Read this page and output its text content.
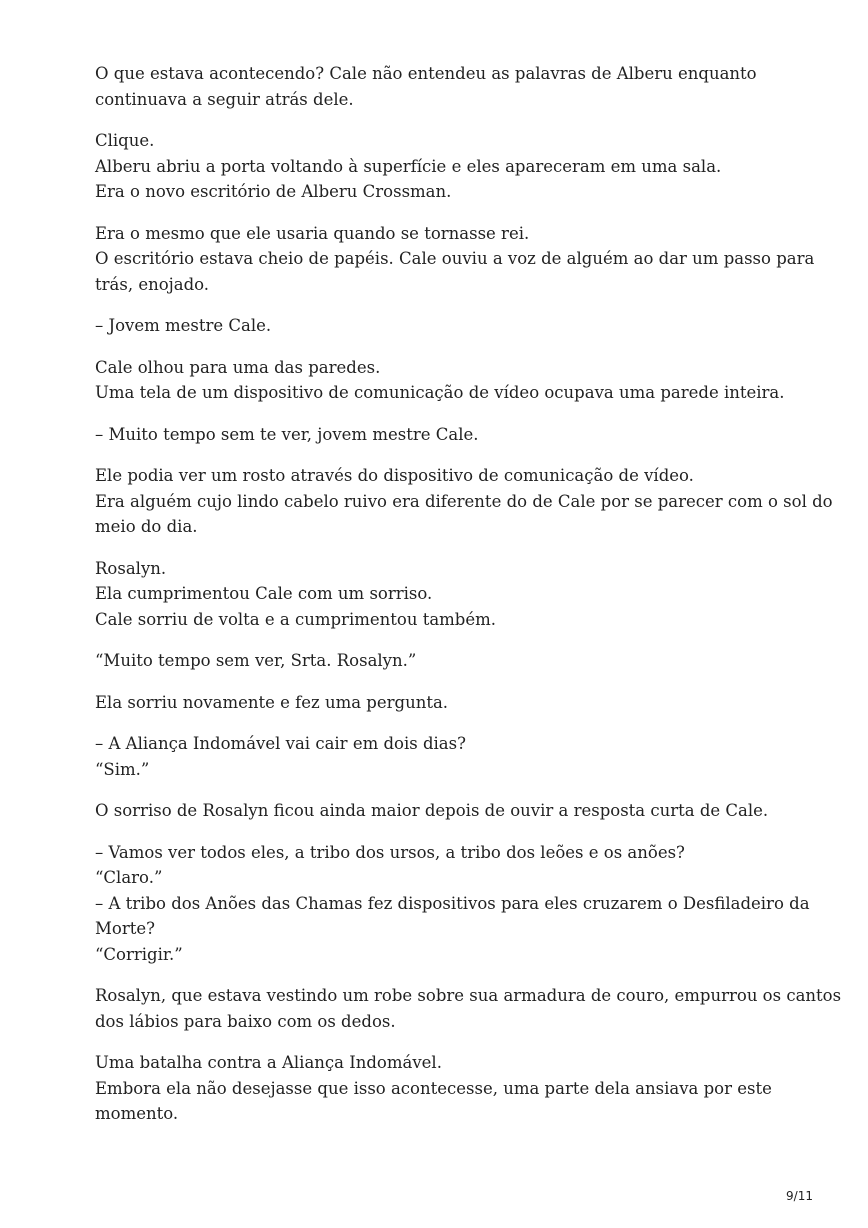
O que estava acontecendo? Cale não entendeu as palavras de Alberu enquanto
continuava a seguir atrás dele.

Clique.
Alberu abriu a porta voltando à superfície e eles apareceram em uma sala.
Era o novo escritório de Alberu Crossman.

Era o mesmo que ele usaria quando se tornasse rei.
O escritório estava cheio de papéis. Cale ouviu a voz de alguém ao dar um passo para
trás, enojado.

– Jovem mestre Cale.

Cale olhou para uma das paredes.
Uma tela de um dispositivo de comunicação de vídeo ocupava uma parede inteira.

– Muito tempo sem te ver, jovem mestre Cale.

Ele podia ver um rosto através do dispositivo de comunicação de vídeo.
Era alguém cujo lindo cabelo ruivo era diferente do de Cale por se parecer com o sol do
meio do dia.

Rosalyn.
Ela cumprimentou Cale com um sorriso.
Cale sorriu de volta e a cumprimentou também.

“Muito tempo sem ver, Srta. Rosalyn.”

Ela sorriu novamente e fez uma pergunta.

– A Aliança Indomável vai cair em dois dias?
“Sim.”

O sorriso de Rosalyn ficou ainda maior depois de ouvir a resposta curta de Cale.

– Vamos ver todos eles, a tribo dos ursos, a tribo dos leões e os anões?
“Claro.”
– A tribo dos Anões das Chamas fez dispositivos para eles cruzarem o Desfiladeiro da
Morte?
“Corrigir.”

Rosalyn, que estava vestindo um robe sobre sua armadura de couro, empurrou os cantos
dos lábios para baixo com os dedos.

Uma batalha contra a Aliança Indomável.
Embora ela não desejasse que isso acontecesse, uma parte dela ansiava por este
momento.

9/11
